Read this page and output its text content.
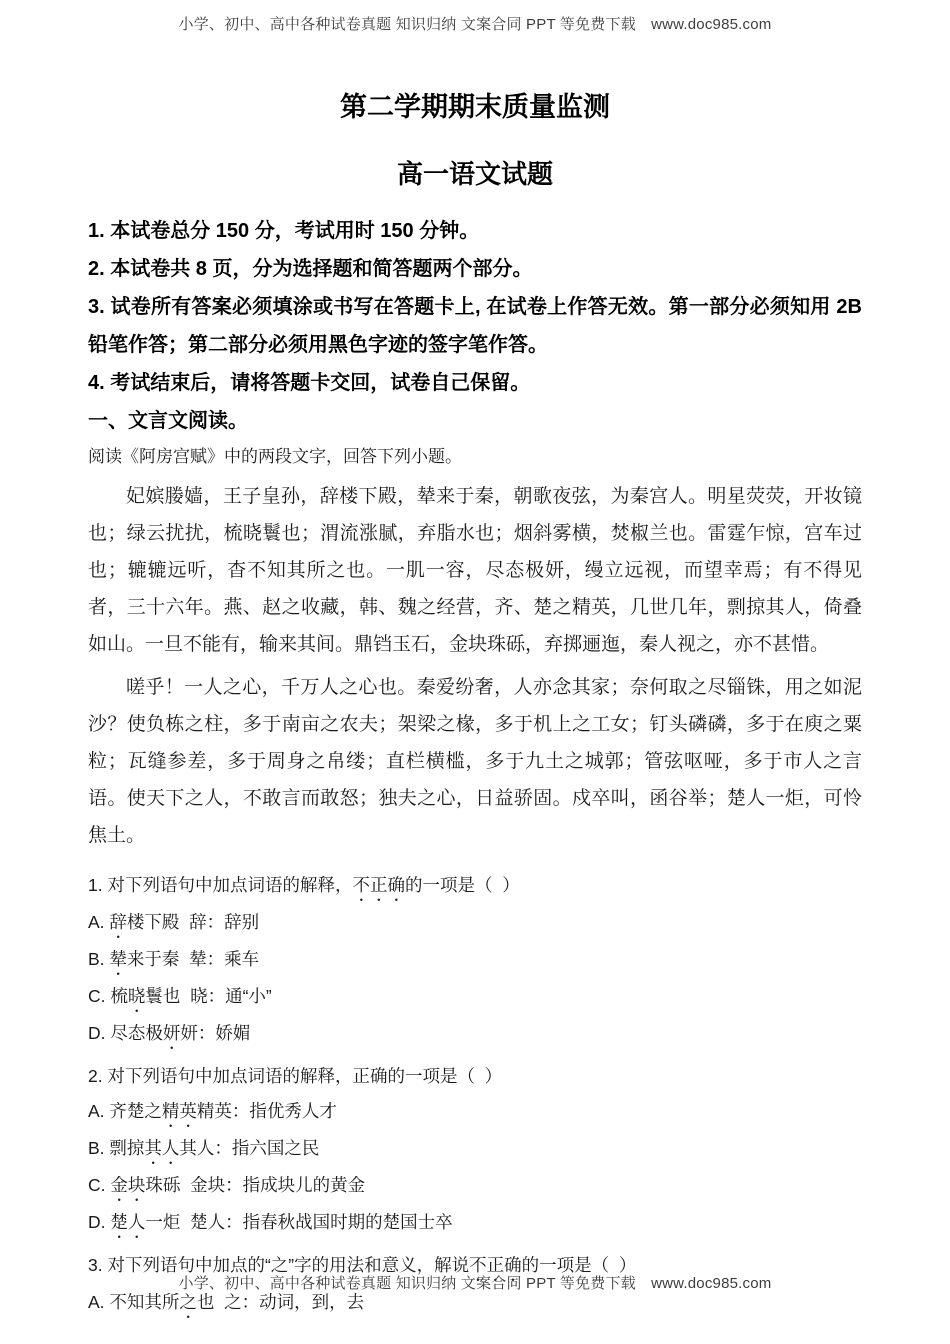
小学、初中、高中各种试卷真题 知识归纳 文案合同 PPT 等免费下载　www.doc985.com
第二学期期末质量监测
高一语文试题

1. 本试卷总分 150 分，考试用时 150 分钟。

2. 本试卷共 8 页，分为选择题和简答题两个部分。

3. 试卷所有答案必须填涂或书写在答题卡上, 在试卷上作答无效。第一部分必须知用 2B 铅笔作答；第二部分必须用黑色字迹的签字笔作答。

4. 考试结束后，请将答题卡交回，试卷自己保留。

一、文言文阅读。

阅读《阿房宫赋》中的两段文字，回答下列小题。

妃嫔媵嫱，王子皇孙，辞楼下殿，辇来于秦，朝歌夜弦，为秦宫人。明星荧荧，开妆镜也；绿云扰扰，梳晓鬟也；渭流涨腻，弃脂水也；烟斜雾横，焚椒兰也。雷霆乍惊，宫车过也；辘辘远听，杳不知其所之也。一肌一容，尽态极妍，缦立远视，而望幸焉；有不得见者，三十六年。燕、赵之收藏，韩、魏之经营，齐、楚之精英，几世几年，剽掠其人，倚叠如山。一旦不能有，输来其间。鼎铛玉石，金块珠砾，弃掷逦迤，秦人视之，亦不甚惜。

嗟乎！一人之心，千万人之心也。秦爱纷奢，人亦念其家；奈何取之尽锱铢，用之如泥沙？使负栋之柱，多于南亩之农夫；架梁之椽，多于机上之工女；钉头磷磷，多于在庾之粟粒；瓦缝参差，多于周身之帛缕；直栏横槛，多于九土之城郭；管弦呕哑，多于市人之言语。使天下之人，不敢言而敢怒；独夫之心，日益骄固。戍卒叫，函谷举；楚人一炬，可怜焦土。

1. 对下列语句中加点词语的解释，不正确的一项是（  ）

A. 辞楼下殿  辞：辞别

B. 辇来于秦  辇：乘车

C. 梳晓鬟也  晓：通“小”

D. 尽态极妍妍：娇媚

2. 对下列语句中加点词语的解释，正确的一项是（  ）

A. 齐楚之精英精英：指优秀人才

B. 剽掠其人其人：指六国之民

C. 金块珠砾  金块：指成块儿的黄金

D. 楚人一炬  楚人：指春秋战国时期的楚国士卒

3. 对下列语句中加点的“之”字的用法和意义，解说不正确的一项是（  ）

A. 不知其所之也  之：动词，到，去

小学、初中、高中各种试卷真题 知识归纳 文案合同 PPT 等免费下载　www.doc985.com
